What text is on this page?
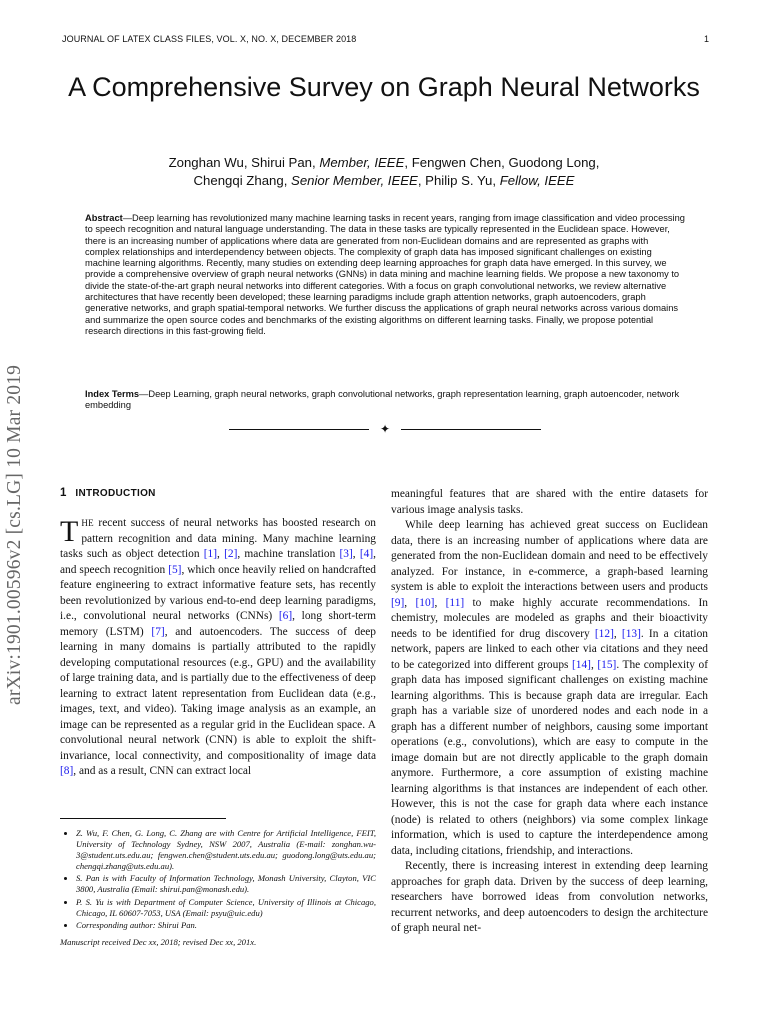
JOURNAL OF LATEX CLASS FILES, VOL. X, NO. X, DECEMBER 2018	1
A Comprehensive Survey on Graph Neural Networks
Zonghan Wu, Shirui Pan, Member, IEEE, Fengwen Chen, Guodong Long,
Chengqi Zhang, Senior Member, IEEE, Philip S. Yu, Fellow, IEEE
Abstract—Deep learning has revolutionized many machine learning tasks in recent years, ranging from image classification and video processing to speech recognition and natural language understanding. The data in these tasks are typically represented in the Euclidean space. However, there is an increasing number of applications where data are generated from non-Euclidean domains and are represented as graphs with complex relationships and interdependency between objects. The complexity of graph data has imposed significant challenges on existing machine learning algorithms. Recently, many studies on extending deep learning approaches for graph data have emerged. In this survey, we provide a comprehensive overview of graph neural networks (GNNs) in data mining and machine learning fields. We propose a new taxonomy to divide the state-of-the-art graph neural networks into different categories. With a focus on graph convolutional networks, we review alternative architectures that have recently been developed; these learning paradigms include graph attention networks, graph autoencoders, graph generative networks, and graph spatial-temporal networks. We further discuss the applications of graph neural networks across various domains and summarize the open source codes and benchmarks of the existing algorithms on different learning tasks. Finally, we propose potential research directions in this fast-growing field.
Index Terms—Deep Learning, graph neural networks, graph convolutional networks, graph representation learning, graph autoencoder, network embedding
✦
arXiv:1901.00596v2 [cs.LG] 10 Mar 2019	1 INTRODUCTION

THE recent success of neural networks has boosted research on pattern recognition and data mining. Many machine learning tasks such as object detection [1], [2], machine translation [3], [4], and speech recognition [5], which once heavily relied on handcrafted feature engineering to extract informative feature sets, has recently been revolutionized by various end-to-end deep learning paradigms, i.e., convolutional neural networks (CNNs) [6], long short-term memory (LSTM) [7], and autoencoders. The success of deep learning in many domains is partially attributed to the rapidly developing computational resources (e.g., GPU) and the availability of large training data, and is partially due to the effectiveness of deep learning to extract latent representation from Euclidean data (e.g., images, text, and video). Taking image analysis as an example, an image can be represented as a regular grid in the Euclidean space. A convolutional neural network (CNN) is able to exploit the shift-invariance, local connectivity, and compositionality of image data [8], and as a result, CNN can extract local

meaningful features that are shared with the entire datasets for various image analysis tasks.

While deep learning has achieved great success on Euclidean data, there is an increasing number of applications where data are generated from the non-Euclidean domain and need to be effectively analyzed. For instance, in e-commerce, a graph-based learning system is able to exploit the interactions between users and products [9], [10], [11] to make highly accurate recommendations. In chemistry, molecules are modeled as graphs and their bioactivity needs to be identified for drug discovery [12], [13]. In a citation network, papers are linked to each other via citations and they need to be categorized into different groups [14], [15]. The complexity of graph data has imposed significant challenges on existing machine learning algorithms. This is because graph data are irregular. Each graph has a variable size of unordered nodes and each node in a graph has a different number of neighbors, causing some important operations (e.g., convolutions), which are easy to compute in the image domain but are not directly applicable to the graph domain anymore. Furthermore, a core assumption of existing machine learning algorithms is that instances are independent of each other. However, this is not the case for graph data where each instance (node) is related to others (neighbors) via some complex linkage information, which is used to capture the interdependence among data, including citations, friendship, and interactions.

Recently, there is increasing interest in extending deep learning approaches for graph data. Driven by the success of deep learning, researchers have borrowed ideas from convolution networks, recurrent networks, and deep autoencoders to design the architecture of graph neural net-

• Z. Wu, F. Chen, G. Long, C. Zhang are with Centre for Artificial Intelligence, FEIT, University of Technology Sydney, NSW 2007, Australia (E-mail: zonghan.wu-3@student.uts.edu.au; fengwen.chen@student.uts.edu.au; guodong.long@uts.edu.au; chengqi.zhang@uts.edu.au).
• S. Pan is with Faculty of Information Technology, Monash University, Clayton, VIC 3800, Australia (Email: shirui.pan@monash.edu).
• P. S. Yu is with Department of Computer Science, University of Illinois at Chicago, Chicago, IL 60607-7053, USA (Email: psyu@uic.edu)
• Corresponding author: Shirui Pan.
Manuscript received Dec xx, 2018; revised Dec xx, 201x.
